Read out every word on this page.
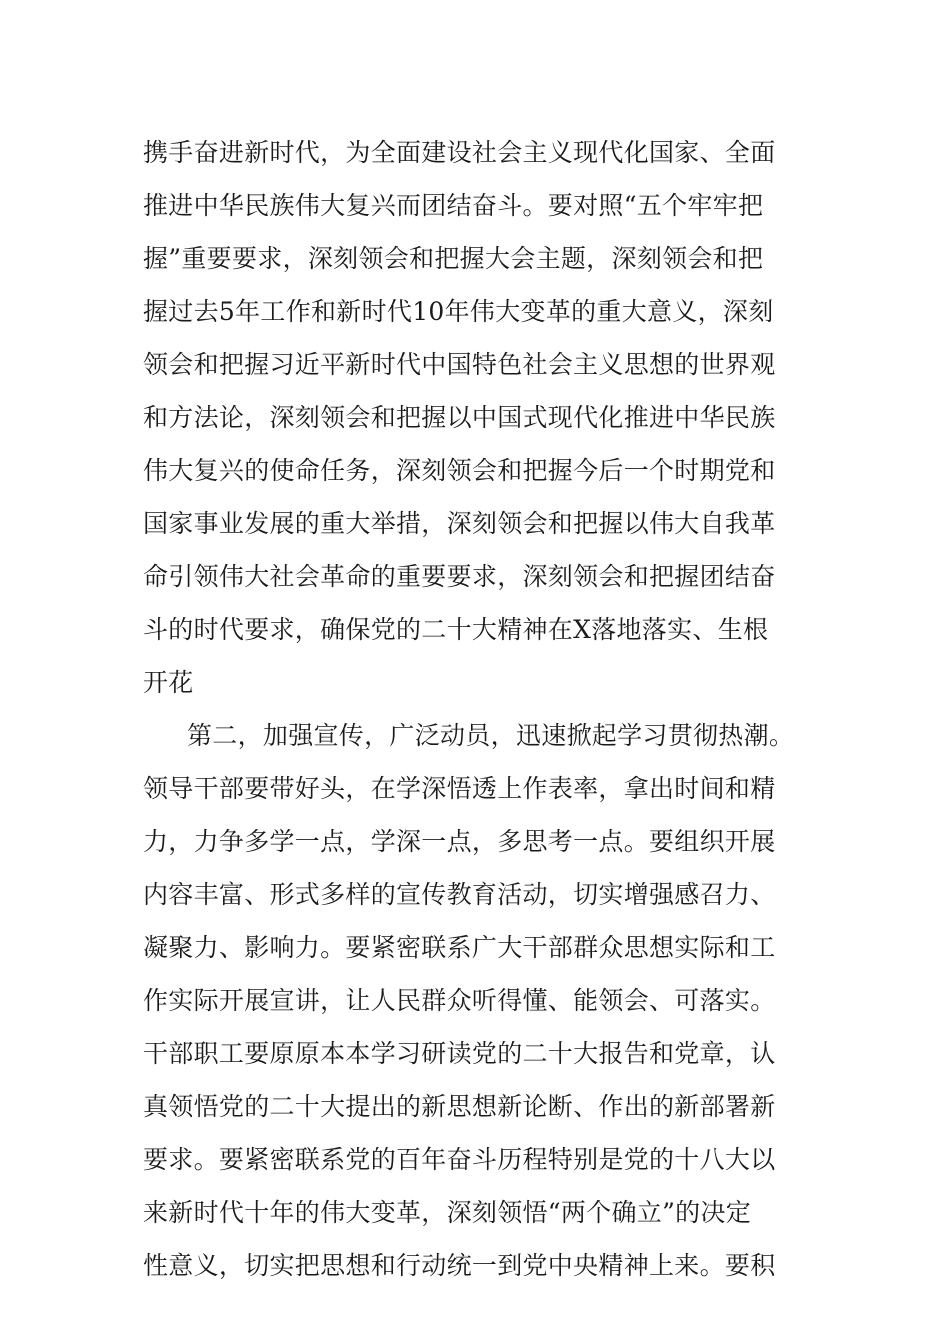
携手奋进新时代，为全面建设社会主义现代化国家、全面
推进中华民族伟大复兴而团结奋斗。要对照“五个牢牢把
握”重要要求，深刻领会和把握大会主题，深刻领会和把
握过去5年工作和新时代10年伟大变革的重大意义，深刻
领会和把握习近平新时代中国特色社会主义思想的世界观
和方法论，深刻领会和把握以中国式现代化推进中华民族
伟大复兴的使命任务，深刻领会和把握今后一个时期党和
国家事业发展的重大举措，深刻领会和把握以伟大自我革
命引领伟大社会革命的重要要求，深刻领会和把握团结奋
斗的时代要求，确保党的二十大精神在X落地落实、生根
开花
第二，加强宣传，广泛动员，迅速掀起学习贯彻热潮。
领导干部要带好头，在学深悟透上作表率，拿出时间和精
力，力争多学一点，学深一点，多思考一点。要组织开展
内容丰富、形式多样的宣传教育活动，切实增强感召力、
凝聚力、影响力。要紧密联系广大干部群众思想实际和工
作实际开展宣讲，让人民群众听得懂、能领会、可落实。
干部职工要原原本本学习研读党的二十大报告和党章，认
真领悟党的二十大提出的新思想新论断、作出的新部署新
要求。要紧密联系党的百年奋斗历程特别是党的十八大以
来新时代十年的伟大变革，深刻领悟“两个确立”的决定
性意义，切实把思想和行动统一到党中央精神上来。要积
